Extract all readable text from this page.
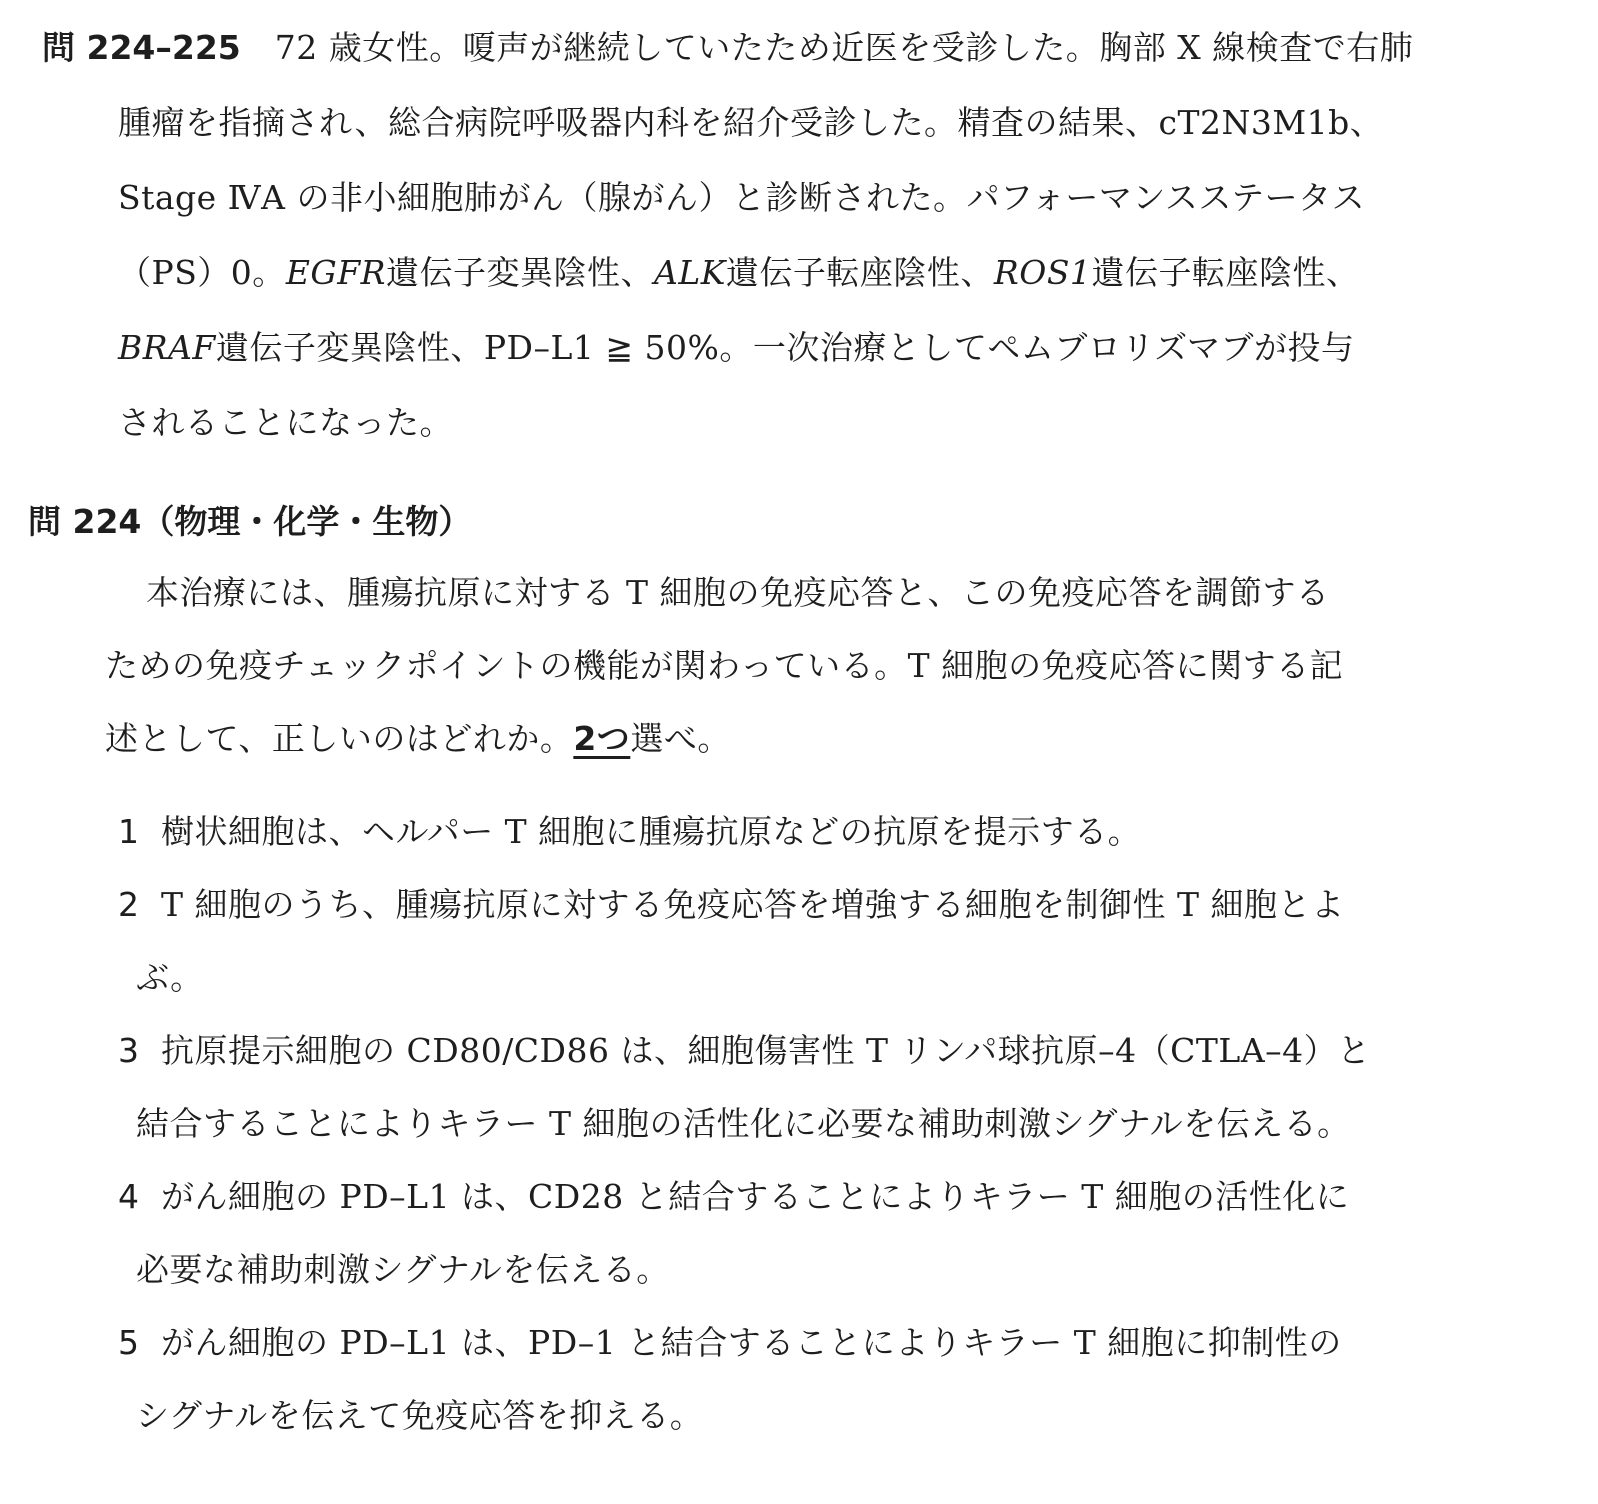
問 224–225 72 歳女性。嗄声が継続していたため近医を受診した。胸部 X 線検査で右肺
腫瘤を指摘され、総合病院呼吸器内科を紹介受診した。精査の結果、cT2N3M1b、
Stage ⅣA の非小細胞肺がん（腺がん）と診断された。パフォーマンスステータス
（PS）0。EGFR遺伝子変異陰性、ALK遺伝子転座陰性、ROS1遺伝子転座陰性、
BRAF遺伝子変異陰性、PD–L1 ≧ 50%。一次治療としてペムブロリズマブが投与
されることになった。
問 224（物理・化学・生物）
本治療には、腫瘍抗原に対する T 細胞の免疫応答と、この免疫応答を調節する
ための免疫チェックポイントの機能が関わっている。T 細胞の免疫応答に関する記
述として、正しいのはどれか。2つ選べ。
1 樹状細胞は、ヘルパー T 細胞に腫瘍抗原などの抗原を提示する。
2 T 細胞のうち、腫瘍抗原に対する免疫応答を増強する細胞を制御性 T 細胞とよ
ぶ。
3 抗原提示細胞の CD80/CD86 は、細胞傷害性 T リンパ球抗原–4（CTLA–4）と
結合することによりキラー T 細胞の活性化に必要な補助刺激シグナルを伝える。
4 がん細胞の PD–L1 は、CD28 と結合することによりキラー T 細胞の活性化に
必要な補助刺激シグナルを伝える。
5 がん細胞の PD–L1 は、PD–1 と結合することによりキラー T 細胞に抑制性の
シグナルを伝えて免疫応答を抑える。
